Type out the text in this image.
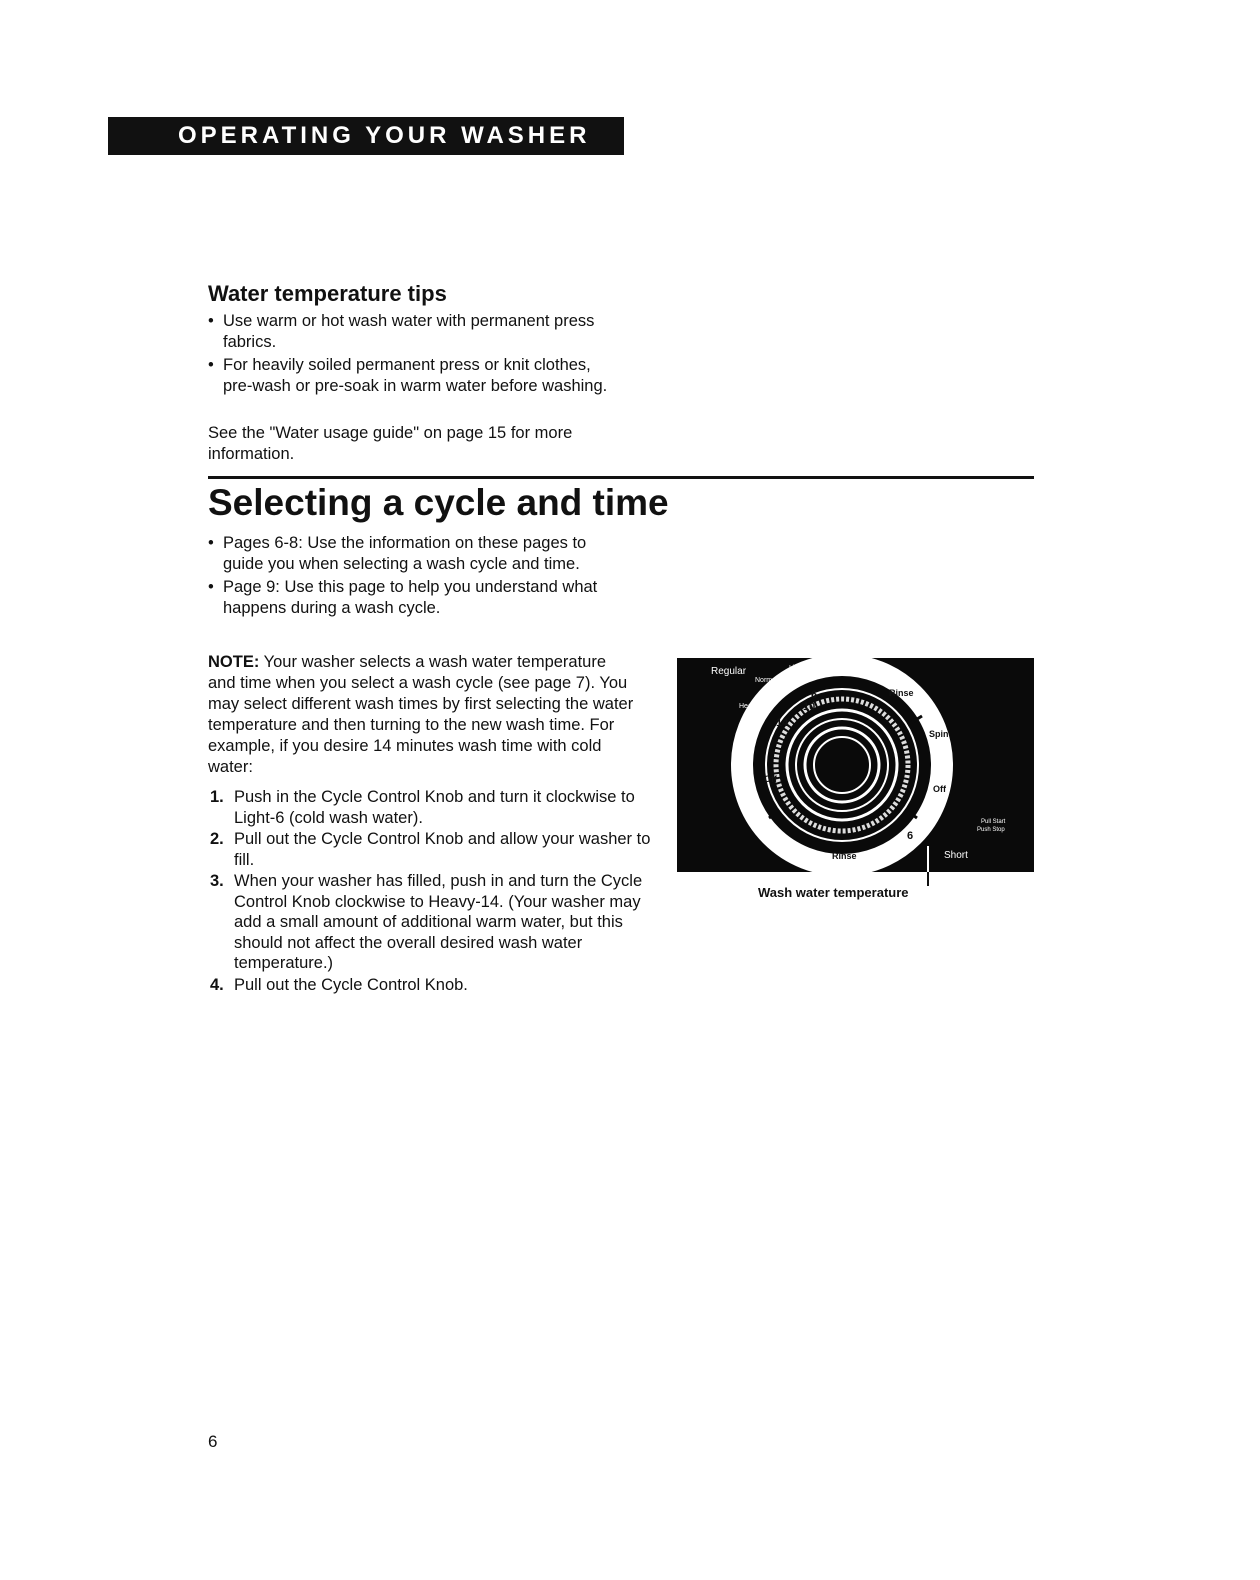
OPERATING YOUR WASHER
Water temperature tips
• Use warm or hot wash water with permanent press fabrics.
• For heavily soiled permanent press or knit clothes, pre-wash or pre-soak in warm water before washing.

See the "Water usage guide" on page 15 for more information.

Selecting a cycle and time
• Pages 6-8: Use the information on these pages to guide you when selecting a wash cycle and time.
• Page 9: Use this page to help you understand what happens during a wash cycle.

NOTE: Your washer selects a wash water temperature and time when you select a wash cycle (see page 7). You may select different wash times by first selecting the water temperature and then turning to the new wash time. For example, if you desire 14 minutes wash time with cold water:

1. Push in the Cycle Control Knob and turn it clockwise to Light-6 (cold wash water).
2. Pull out the Cycle Control Knob and allow your washer to fill.
3. When your washer has filled, push in and turn the Cycle Control Knob clockwise to Heavy-14. (Your washer may add a small amount of additional warm water, but this should not affect the overall desired wash water temperature.)
4. Pull out the Cycle Control Knob.
Regular	Light
Normal
Heavy
6
10
14
Rinse
Spin
Off
Off
Rinse
6
Pull Start
Push Stop
Short
Wash water temperature
6
